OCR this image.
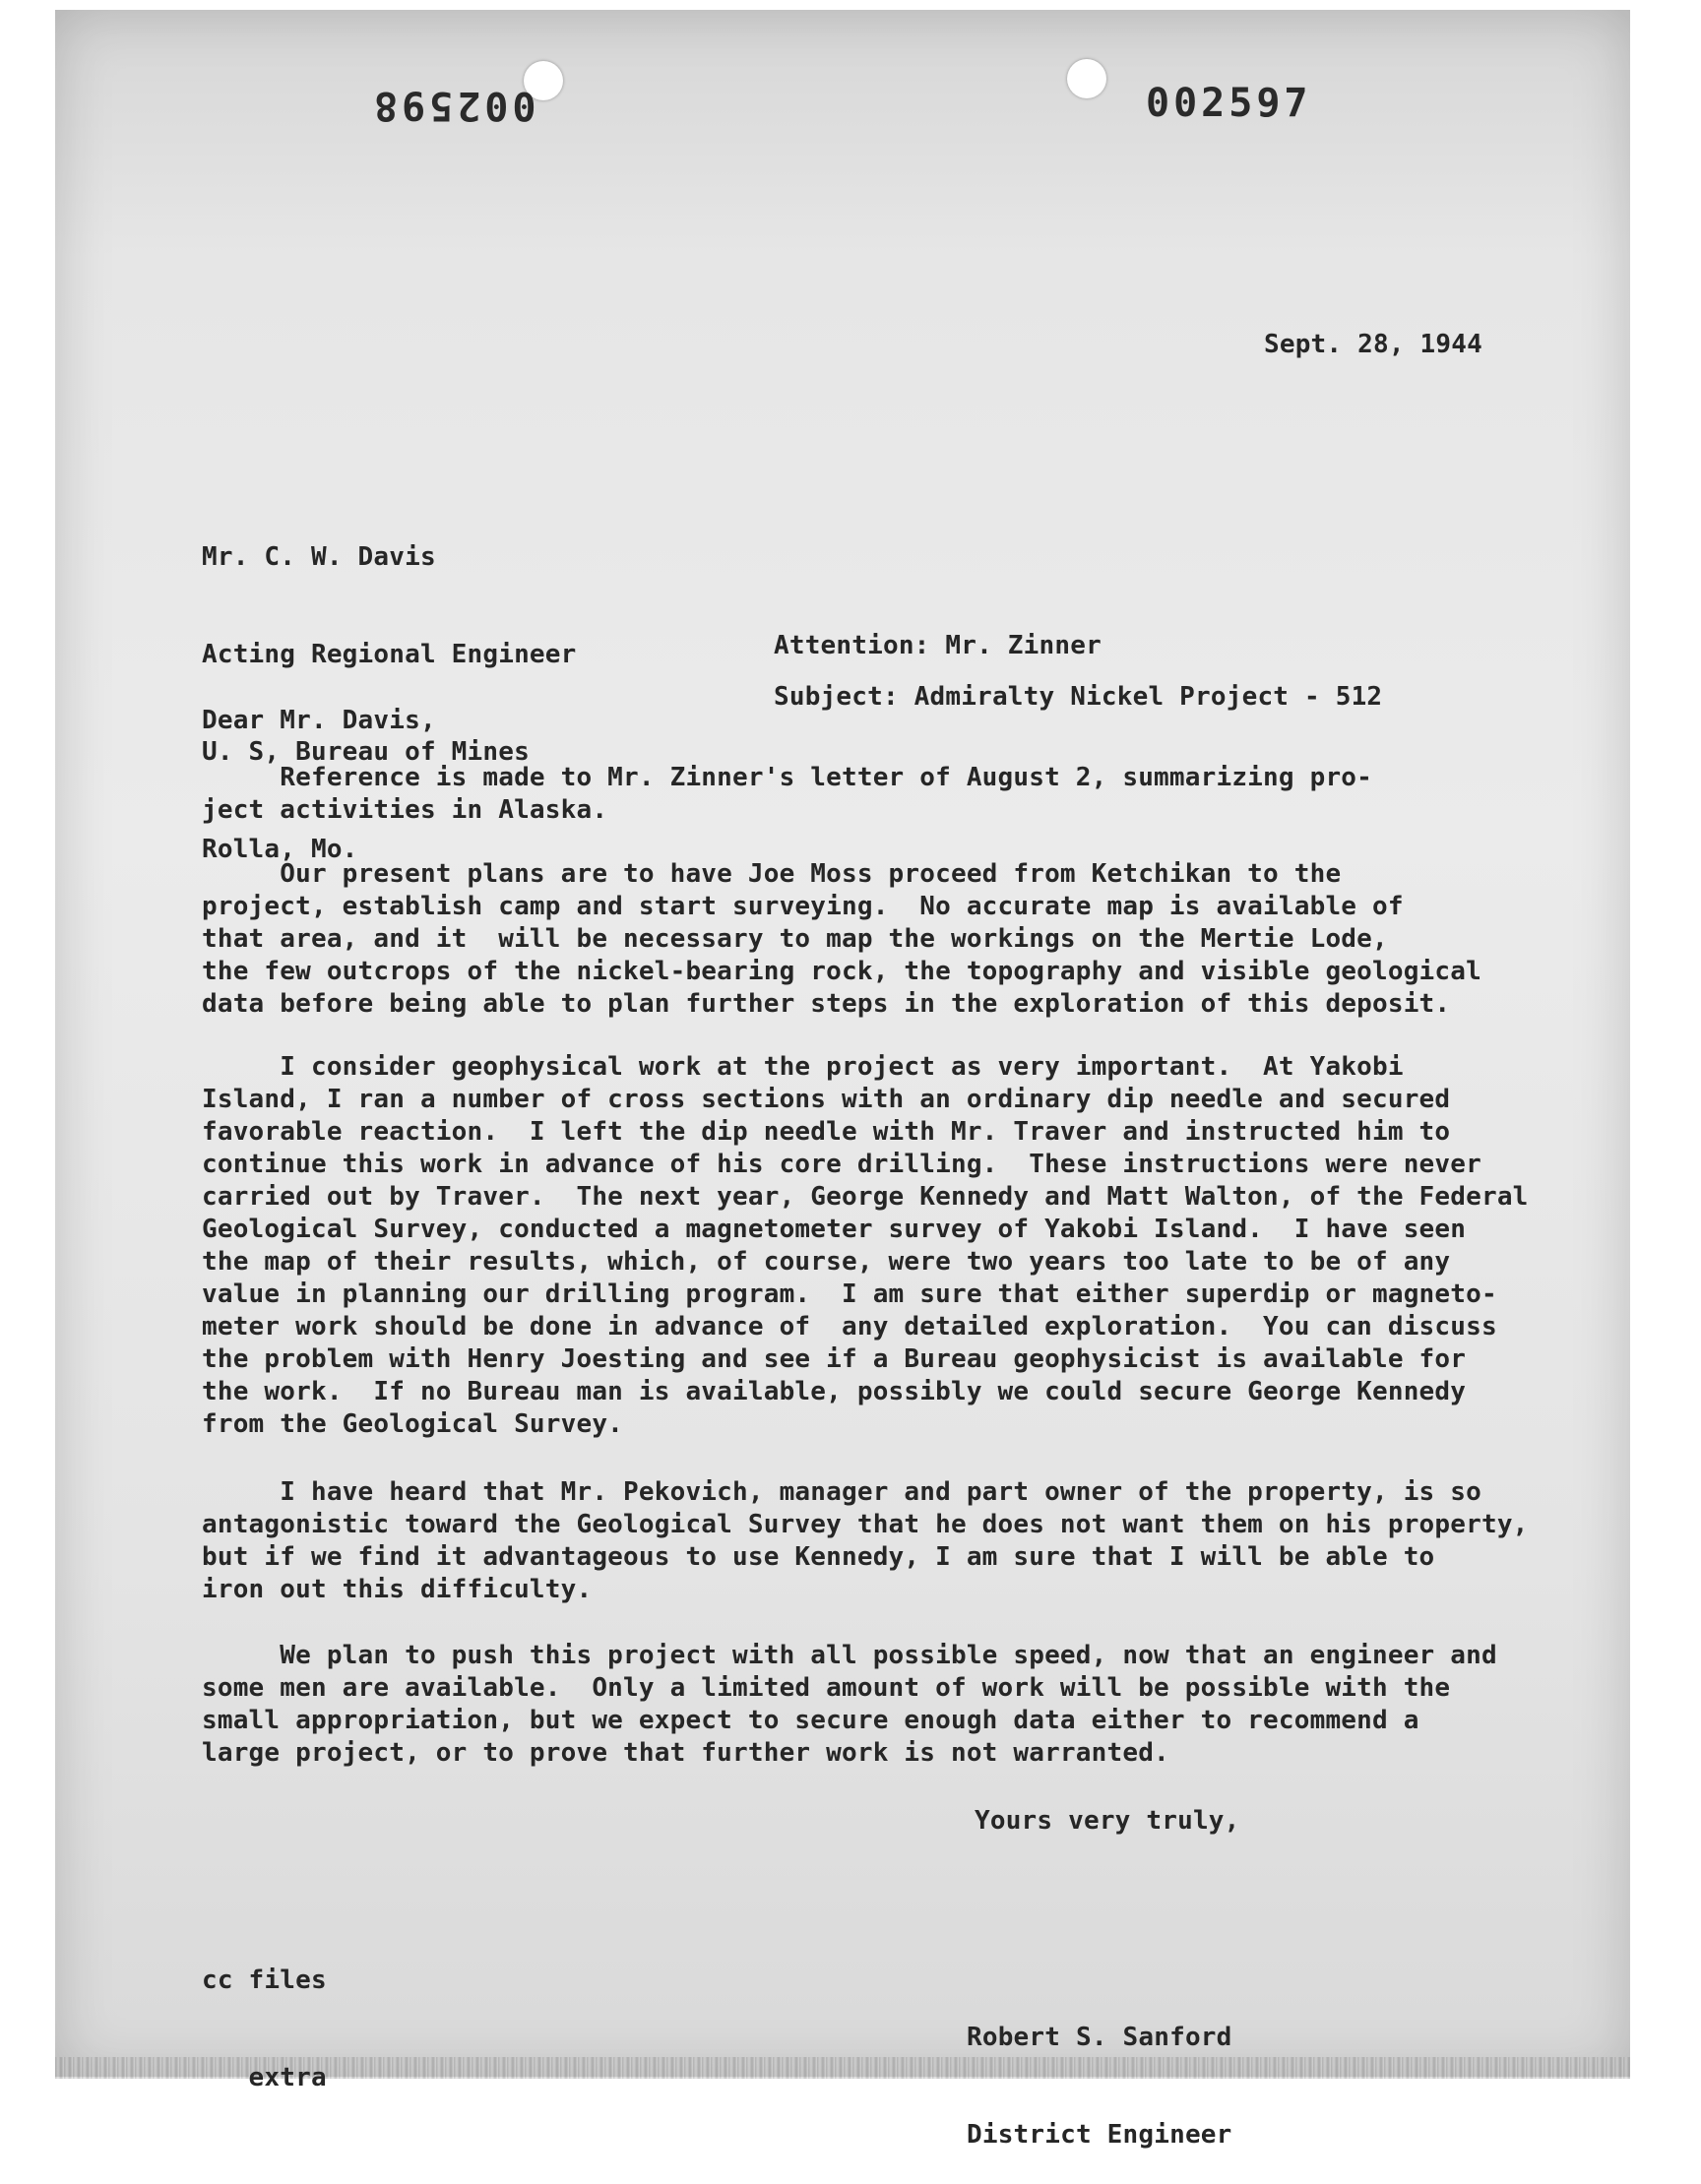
002598	002597
Sept. 28, 1944

Mr. C. W. Davis

Acting Regional Engineer

U. S, Bureau of Mines

Rolla, Mo.

Attention: Mr. Zinner
Subject: Admiralty Nickel Project - 512
Dear Mr. Davis,
Reference is made to Mr. Zinner's letter of August 2, summarizing pro-
ject activities in Alaska.
Our present plans are to have Joe Moss proceed from Ketchikan to the
project, establish camp and start surveying.  No accurate map is available of
that area, and it  will be necessary to map the workings on the Mertie Lode,
the few outcrops of the nickel-bearing rock, the topography and visible geological
data before being able to plan further steps in the exploration of this deposit.
I consider geophysical work at the project as very important.  At Yakobi
Island, I ran a number of cross sections with an ordinary dip needle and secured
favorable reaction.  I left the dip needle with Mr. Traver and instructed him to
continue this work in advance of his core drilling.  These instructions were never
carried out by Traver.  The next year, George Kennedy and Matt Walton, of the Federal
Geological Survey, conducted a magnetometer survey of Yakobi Island.  I have seen
the map of their results, which, of course, were two years too late to be of any
value in planning our drilling program.  I am sure that either superdip or magneto-
meter work should be done in advance of  any detailed exploration.  You can discuss
the problem with Henry Joesting and see if a Bureau geophysicist is available for
the work.  If no Bureau man is available, possibly we could secure George Kennedy
from the Geological Survey.
I have heard that Mr. Pekovich, manager and part owner of the property, is so
antagonistic toward the Geological Survey that he does not want them on his property,
but if we find it advantageous to use Kennedy, I am sure that I will be able to
iron out this difficulty.
We plan to push this project with all possible speed, now that an engineer and
some men are available.  Only a limited amount of work will be possible with the
small appropriation, but we expect to secure enough data either to recommend a
large project, or to prove that further work is not warranted.
Yours very truly,

cc files

extra

Robert S. Sanford

District Engineer
